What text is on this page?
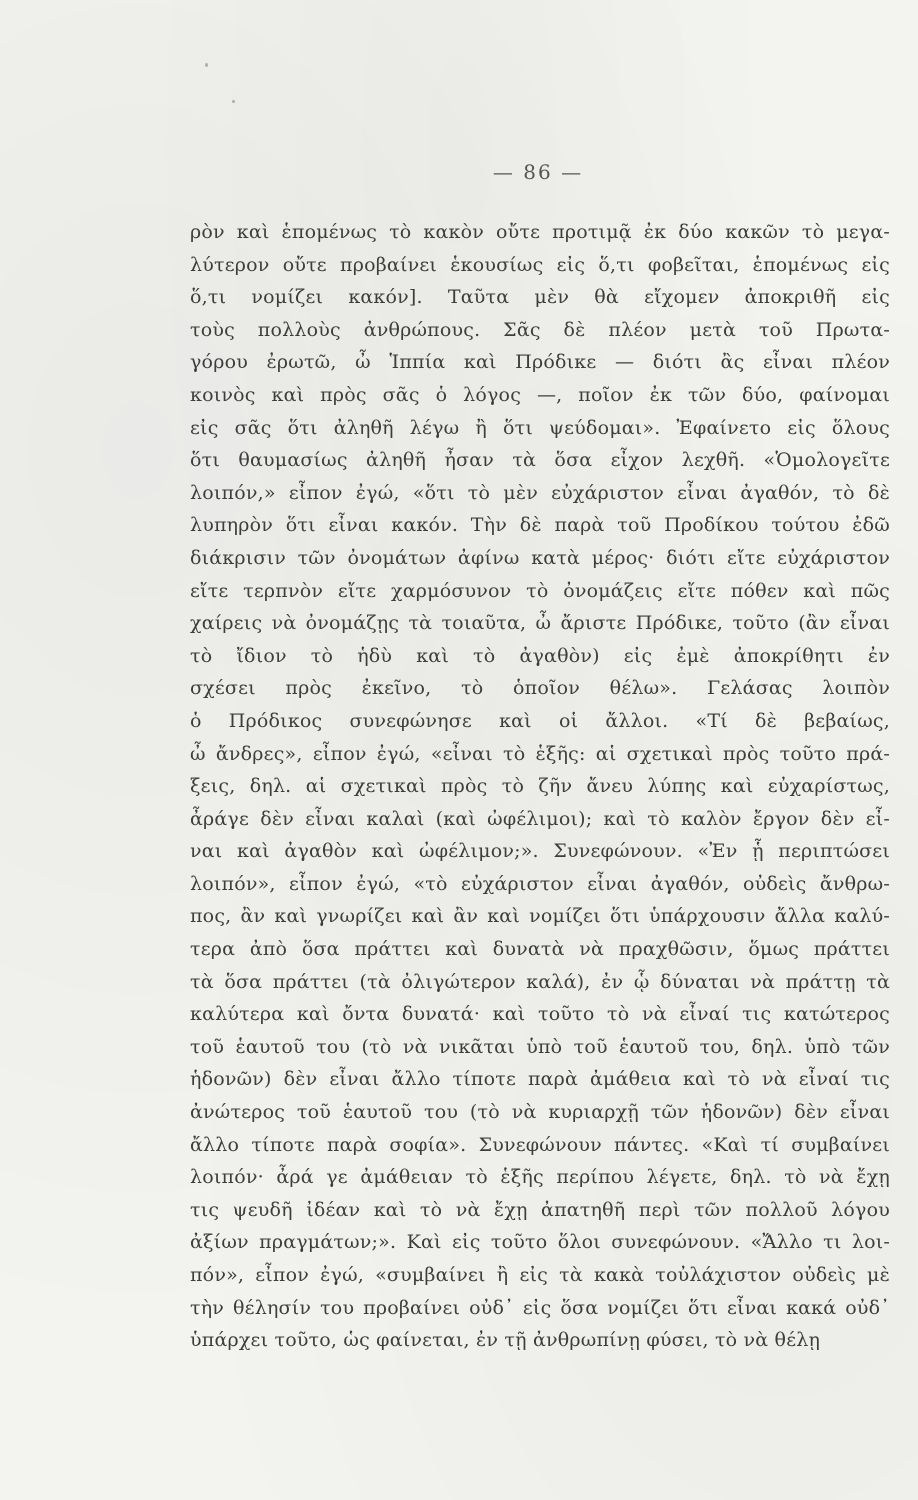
— 86 —
ρὸν καὶ ἑπομένως τὸ κακὸν οὔτε προτιμᾷ ἐκ δύο κακῶν τὸ μεγα-
λύτερον οὔτε προβαίνει ἑκουσίως εἰς ὅ,τι φοβεῖται, ἑπομένως εἰς
ὅ,τι νομίζει κακόν]. Ταῦτα μὲν θὰ εἴχομεν ἀποκριθῆ εἰς
τοὺς πολλοὺς ἀνθρώπους. Σᾶς δὲ πλέον μετὰ τοῦ Πρωτα-
γόρου ἐρωτῶ, ὦ Ἱππία καὶ Πρόδικε — διότι ἂς εἶναι πλέον
κοινὸς καὶ πρὸς σᾶς ὁ λόγος —, ποῖον ἐκ τῶν δύο, φαίνομαι
εἰς σᾶς ὅτι ἀληθῆ λέγω ἢ ὅτι ψεύδομαι». Ἐφαίνετο εἰς ὅλους
ὅτι θαυμασίως ἀληθῆ ἦσαν τὰ ὅσα εἶχον λεχθῆ. «Ὁμολογεῖτε
λοιπόν,» εἶπον ἐγώ, «ὅτι τὸ μὲν εὐχάριστον εἶναι ἀγαθόν, τὸ δὲ
λυπηρὸν ὅτι εἶναι κακόν. Τὴν δὲ παρὰ τοῦ Προδίκου τούτου ἐδῶ
διάκρισιν τῶν ὀνομάτων ἀφίνω κατὰ μέρος· διότι εἴτε εὐχάριστον
εἴτε τερπνὸν εἴτε χαρμόσυνον τὸ ὀνομάζεις εἴτε πόθεν καὶ πῶς
χαίρεις νὰ ὀνομάζῃς τὰ τοιαῦτα, ὦ ἄριστε Πρόδικε, τοῦτο (ἂν εἶναι
τὸ ἴδιον τὸ ἡδὺ καὶ τὸ ἀγαθὸν) εἰς ἐμὲ ἀποκρίθητι ἐν
σχέσει πρὸς ἐκεῖνο, τὸ ὁποῖον θέλω». Γελάσας λοιπὸν
ὁ Πρόδικος συνεφώνησε καὶ οἱ ἄλλοι. «Τί δὲ βεβαίως,
ὦ ἄνδρες», εἶπον ἐγώ, «εἶναι τὸ ἑξῆς: αἱ σχετικαὶ πρὸς τοῦτο πρά-
ξεις, δηλ. αἱ σχετικαὶ πρὸς τὸ ζῆν ἄνευ λύπης καὶ εὐχαρίστως,
ἆράγε δὲν εἶναι καλαὶ (καὶ ὠφέλιμοι); καὶ τὸ καλὸν ἔργον δὲν εἶ-
ναι καὶ ἀγαθὸν καὶ ὠφέλιμον;». Συνεφώνουν. «Ἐν ᾗ περιπτώσει
λοιπόν», εἶπον ἐγώ, «τὸ εὐχάριστον εἶναι ἀγαθόν, οὐδεὶς ἄνθρω-
πος, ἂν καὶ γνωρίζει καὶ ἂν καὶ νομίζει ὅτι ὑπάρχουσιν ἄλλα καλύ-
τερα ἀπὸ ὅσα πράττει καὶ δυνατὰ νὰ πραχθῶσιν, ὅμως πράττει
τὰ ὅσα πράττει (τὰ ὀλιγώτερον καλά), ἐν ᾧ δύναται νὰ πράττῃ τὰ
καλύτερα καὶ ὄντα δυνατά· καὶ τοῦτο τὸ νὰ εἶναί τις κατώτερος
τοῦ ἑαυτοῦ του (τὸ νὰ νικᾶται ὑπὸ τοῦ ἑαυτοῦ του, δηλ. ὑπὸ τῶν
ἡδονῶν) δὲν εἶναι ἄλλο τίποτε παρὰ ἀμάθεια καὶ τὸ νὰ εἶναί τις
ἀνώτερος τοῦ ἑαυτοῦ του (τὸ νὰ κυριαρχῇ τῶν ἡδονῶν) δὲν εἶναι
ἄλλο τίποτε παρὰ σοφία». Συνεφώνουν πάντες. «Καὶ τί συμβαίνει
λοιπόν· ἆρά γε ἀμάθειαν τὸ ἑξῆς περίπου λέγετε, δηλ. τὸ νὰ ἔχῃ
τις ψευδῆ ἰδέαν καὶ τὸ νὰ ἔχῃ ἀπατηθῆ περὶ τῶν πολλοῦ λόγου
ἀξίων πραγμάτων;». Καὶ εἰς τοῦτο ὅλοι συνεφώνουν. «Ἄλλο τι λοι-
πόν», εἶπον ἐγώ, «συμβαίνει ἢ εἰς τὰ κακὰ τοὐλάχιστον οὐδεὶς μὲ
τὴν θέλησίν του προβαίνει οὐδ᾽ εἰς ὅσα νομίζει ὅτι εἶναι κακά οὐδ᾽
ὑπάρχει τοῦτο, ὡς φαίνεται, ἐν τῇ ἀνθρωπίνῃ φύσει, τὸ νὰ θέλῃ
